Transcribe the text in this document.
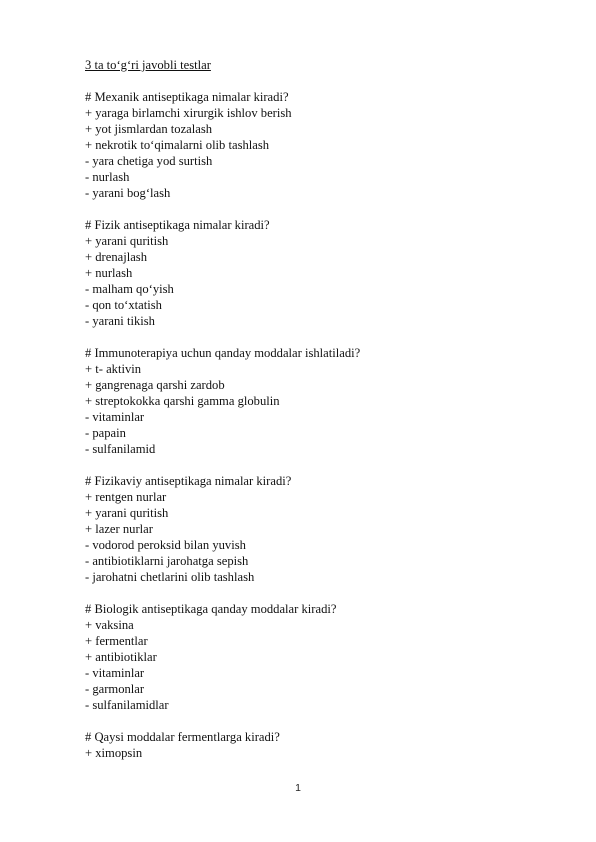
3 ta to‘g‘ri javobli testlar
# Mexanik antiseptikaga nimalar kiradi?
+ yaraga birlamchi xirurgik ishlov berish
+ yot jismlardan tozalash
+ nekrotik to‘qimalarni olib tashlash
- yara chetiga yod surtish
- nurlash
- yarani bog‘lash
# Fizik antiseptikaga nimalar kiradi?
+ yarani quritish
+ drenajlash
+ nurlash
- malham qo‘yish
- qon to‘xtatish
- yarani tikish
# Immunoterapiya uchun qanday moddalar ishlatiladi?
+ t- aktivin
+ gangrenaga qarshi zardob
+ streptokokka qarshi gamma globulin
- vitaminlar
- papain
- sulfanilamid
# Fizikaviy antiseptikaga nimalar kiradi?
+ rentgen nurlar
+ yarani quritish
+ lazer nurlar
- vodorod peroksid bilan yuvish
- antibiotiklarni jarohatga sepish
- jarohatni chetlarini olib tashlash
# Biologik antiseptikaga qanday moddalar kiradi?
+ vaksina
+ fermentlar
+ antibiotiklar
- vitaminlar
- garmonlar
- sulfanilamidlar
# Qaysi moddalar fermentlarga kiradi?
+ ximopsin
1
